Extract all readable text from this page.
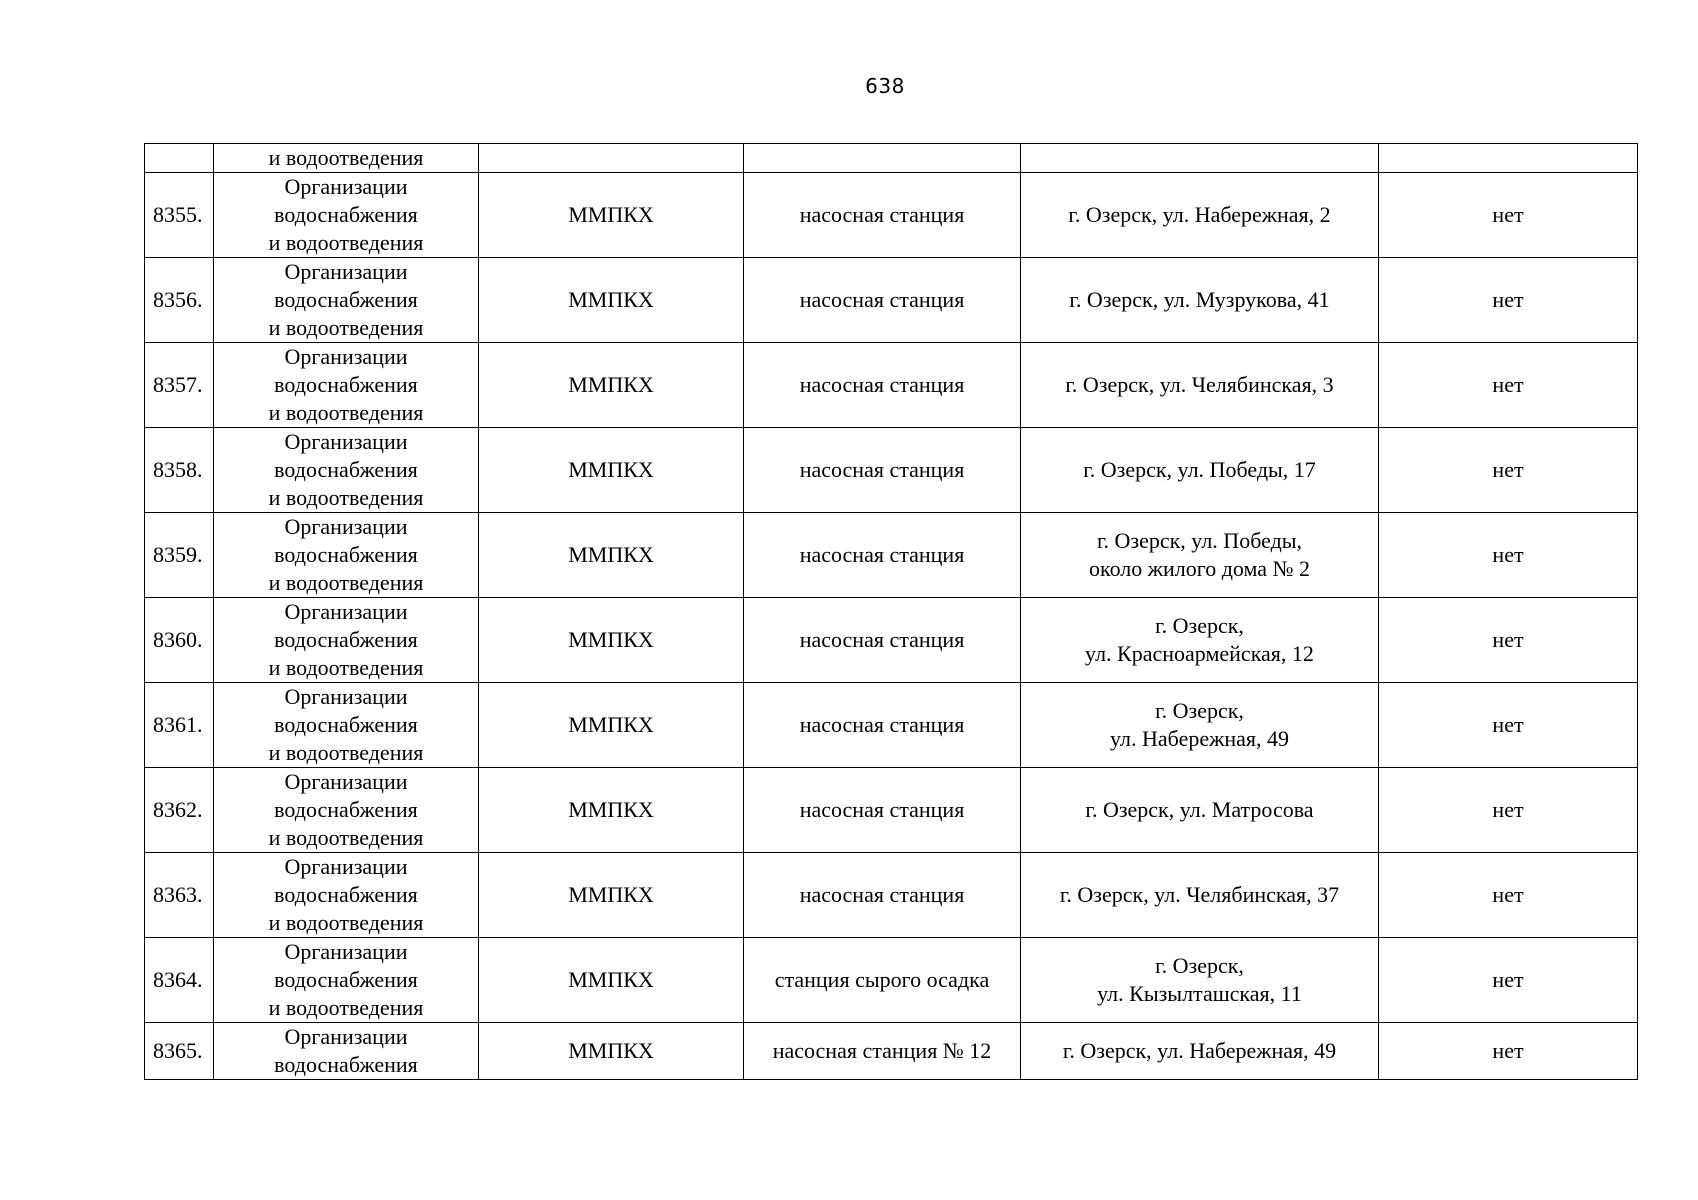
638

	и водоотведения				

8355.	Организации
водоснабжения
и водоотведения	ММПКХ	насосная станция	г. Озерск, ул. Набережная, 2	нет
8356.	Организации
водоснабжения
и водоотведения	ММПКХ	насосная станция	г. Озерск, ул. Музрукова, 41	нет
8357.	Организации
водоснабжения
и водоотведения	ММПКХ	насосная станция	г. Озерск, ул. Челябинская, 3	нет
8358.	Организации
водоснабжения
и водоотведения	ММПКХ	насосная станция	г. Озерск, ул. Победы, 17	нет
8359.	Организации
водоснабжения
и водоотведения	ММПКХ	насосная станция	г. Озерск, ул. Победы,
около жилого дома № 2	нет
8360.	Организации
водоснабжения
и водоотведения	ММПКХ	насосная станция	г. Озерск,
ул. Красноармейская, 12	нет
8361.	Организации
водоснабжения
и водоотведения	ММПКХ	насосная станция	г. Озерск,
ул. Набережная, 49	нет
8362.	Организации
водоснабжения
и водоотведения	ММПКХ	насосная станция	г. Озерск, ул. Матросова	нет
8363.	Организации
водоснабжения
и водоотведения	ММПКХ	насосная станция	г. Озерск, ул. Челябинская, 37	нет
8364.	Организации
водоснабжения
и водоотведения	ММПКХ	станция сырого осадка	г. Озерск,
ул. Кызылташская, 11	нет
8365.	Организации
водоснабжения	ММПКХ	насосная станция № 12	г. Озерск, ул. Набережная, 49	нет
